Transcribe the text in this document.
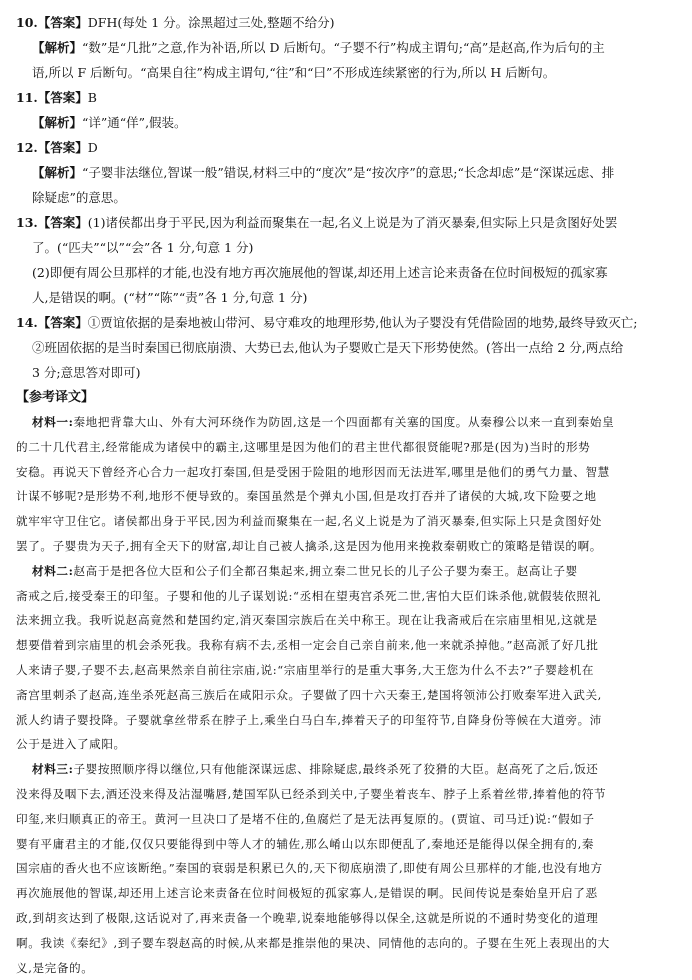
10.【答案】DFH(每处 1 分。涂黑超过三处,整题不给分)
【解析】“数”是“几批”之意,作为补语,所以 D 后断句。“子婴不行”构成主谓句;“高”是赵高,作为后句的主
语,所以 F 后断句。“高果自往”构成主谓句,“往”和“曰”不形成连续紧密的行为,所以 H 后断句。
11.【答案】B
【解析】“详”通“佯”,假装。
12.【答案】D
【解析】“子婴非法继位,智谋一般”错误,材料三中的“度次”是“按次序”的意思;“长念却虑”是“深谋远虑、排
除疑虑”的意思。
13.【答案】(1)诸侯都出身于平民,因为利益而聚集在一起,名义上说是为了消灭暴秦,但实际上只是贪图好处罢
了。(“匹夫”“以”“会”各 1 分,句意 1 分)
(2)即便有周公旦那样的才能,也没有地方再次施展他的智谋,却还用上述言论来责备在位时间极短的孤家寡
人,是错误的啊。(“材”“陈”“责”各 1 分,句意 1 分)
14.【答案】①贾谊依据的是秦地被山带河、易守难攻的地理形势,他认为子婴没有凭借险固的地势,最终导致灭亡;
②班固依据的是当时秦国已彻底崩溃、大势已去,他认为子婴败亡是天下形势使然。(答出一点给 2 分,两点给
3 分;意思答对即可)
【参考译文】
材料一:秦地把背靠大山、外有大河环绕作为防固,这是一个四面都有关塞的国度。从秦穆公以来一直到秦始皇
的二十几代君主,经常能成为诸侯中的霸主,这哪里是因为他们的君主世代都很贤能呢?那是(因为)当时的形势
安稳。再说天下曾经齐心合力一起攻打秦国,但是受困于险阻的地形因而无法进军,哪里是他们的勇气力量、智慧
计谋不够呢?是形势不利,地形不便导致的。秦国虽然是个弹丸小国,但是攻打吞并了诸侯的大城,攻下险要之地
就牢牢守卫住它。诸侯都出身于平民,因为利益而聚集在一起,名义上说是为了消灭暴秦,但实际上只是贪图好处
罢了。子婴贵为天子,拥有全天下的财富,却让自己被人擒杀,这是因为他用来挽救秦朝败亡的策略是错误的啊。
材料二:赵高于是把各位大臣和公子们全都召集起来,拥立秦二世兄长的儿子公子婴为秦王。赵高让子婴
斋戒之后,接受秦王的印玺。子婴和他的儿子谋划说:“丞相在望夷宫杀死二世,害怕大臣们诛杀他,就假装依照礼
法来拥立我。我听说赵高竟然和楚国约定,消灭秦国宗族后在关中称王。现在让我斋戒后在宗庙里相见,这就是
想要借着到宗庙里的机会杀死我。我称有病不去,丞相一定会自己亲自前来,他一来就杀掉他。”赵高派了好几批
人来请子婴,子婴不去,赵高果然亲自前往宗庙,说:“宗庙里举行的是重大事务,大王您为什么不去?”子婴趁机在
斋宫里刺杀了赵高,连坐杀死赵高三族后在咸阳示众。子婴做了四十六天秦王,楚国将领沛公打败秦军进入武关,
派人约请子婴投降。子婴就拿丝带系在脖子上,乘坐白马白车,捧着天子的印玺符节,自降身份等候在大道旁。沛
公于是进入了咸阳。
材料三:子婴按照顺序得以继位,只有他能深谋远虑、排除疑虑,最终杀死了狡猾的大臣。赵高死了之后,饭还
没来得及咽下去,酒还没来得及沾湿嘴唇,楚国军队已经杀到关中,子婴坐着丧车、脖子上系着丝带,捧着他的符节
印玺,来归顺真正的帝王。黄河一旦决口了是堵不住的,鱼腐烂了是无法再复原的。(贾谊、司马迁)说:“假如子
婴有平庸君主的才能,仅仅只要能得到中等人才的辅佐,那么崤山以东即便乱了,秦地还是能得以保全拥有的,秦
国宗庙的香火也不应该断绝。”秦国的衰弱是积累已久的,天下彻底崩溃了,即使有周公旦那样的才能,也没有地方
再次施展他的智谋,却还用上述言论来责备在位时间极短的孤家寡人,是错误的啊。民间传说是秦始皇开启了恶
政,到胡亥达到了极限,这话说对了,再来责备一个晚辈,说秦地能够得以保全,这就是所说的不通时势变化的道理
啊。我读《秦纪》,到子婴车裂赵高的时候,从来都是推崇他的果决、同情他的志向的。子婴在生死上表现出的大
义,是完备的。
